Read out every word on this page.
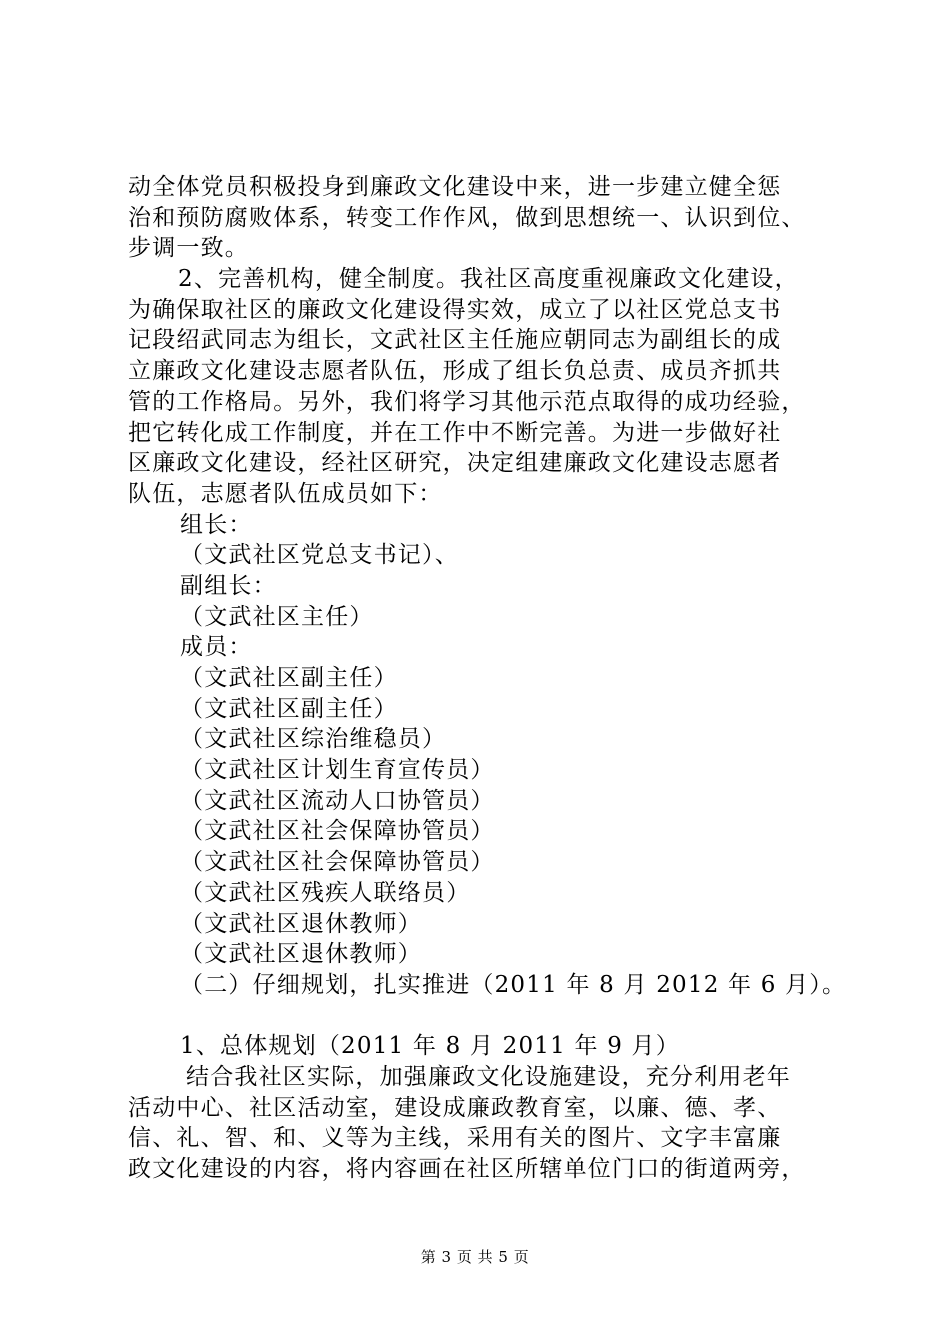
动全体党员积极投身到廉政文化建设中来，进一步建立健全惩
治和预防腐败体系，转变工作作风，做到思想统一、认识到位、
步调一致。
2、完善机构，健全制度。我社区高度重视廉政文化建设，
为确保取社区的廉政文化建设得实效，成立了以社区党总支书
记段绍武同志为组长，文武社区主任施应朝同志为副组长的成
立廉政文化建设志愿者队伍，形成了组长负总责、成员齐抓共
管的工作格局。另外，我们将学习其他示范点取得的成功经验，
把它转化成工作制度，并在工作中不断完善。为进一步做好社
区廉政文化建设，经社区研究，决定组建廉政文化建设志愿者
队伍，志愿者队伍成员如下：
组长：
（文武社区党总支书记）、
副组长：
（文武社区主任）
成员：
（文武社区副主任）
（文武社区副主任）
（文武社区综治维稳员）
（文武社区计划生育宣传员）
（文武社区流动人口协管员）
（文武社区社会保障协管员）
（文武社区社会保障协管员）
（文武社区残疾人联络员）
（文武社区退休教师）
（文武社区退休教师）
（二）仔细规划，扎实推进（2011 年 8 月 2012 年 6 月）。
1、总体规划（2011 年 8 月 2011 年 9 月）
结合我社区实际，加强廉政文化设施建设，充分利用老年
活动中心、社区活动室，建设成廉政教育室，以廉、德、孝、
信、礼、智、和、义等为主线，采用有关的图片、文字丰富廉
政文化建设的内容，将内容画在社区所辖单位门口的街道两旁，
第 3 页 共 5 页
